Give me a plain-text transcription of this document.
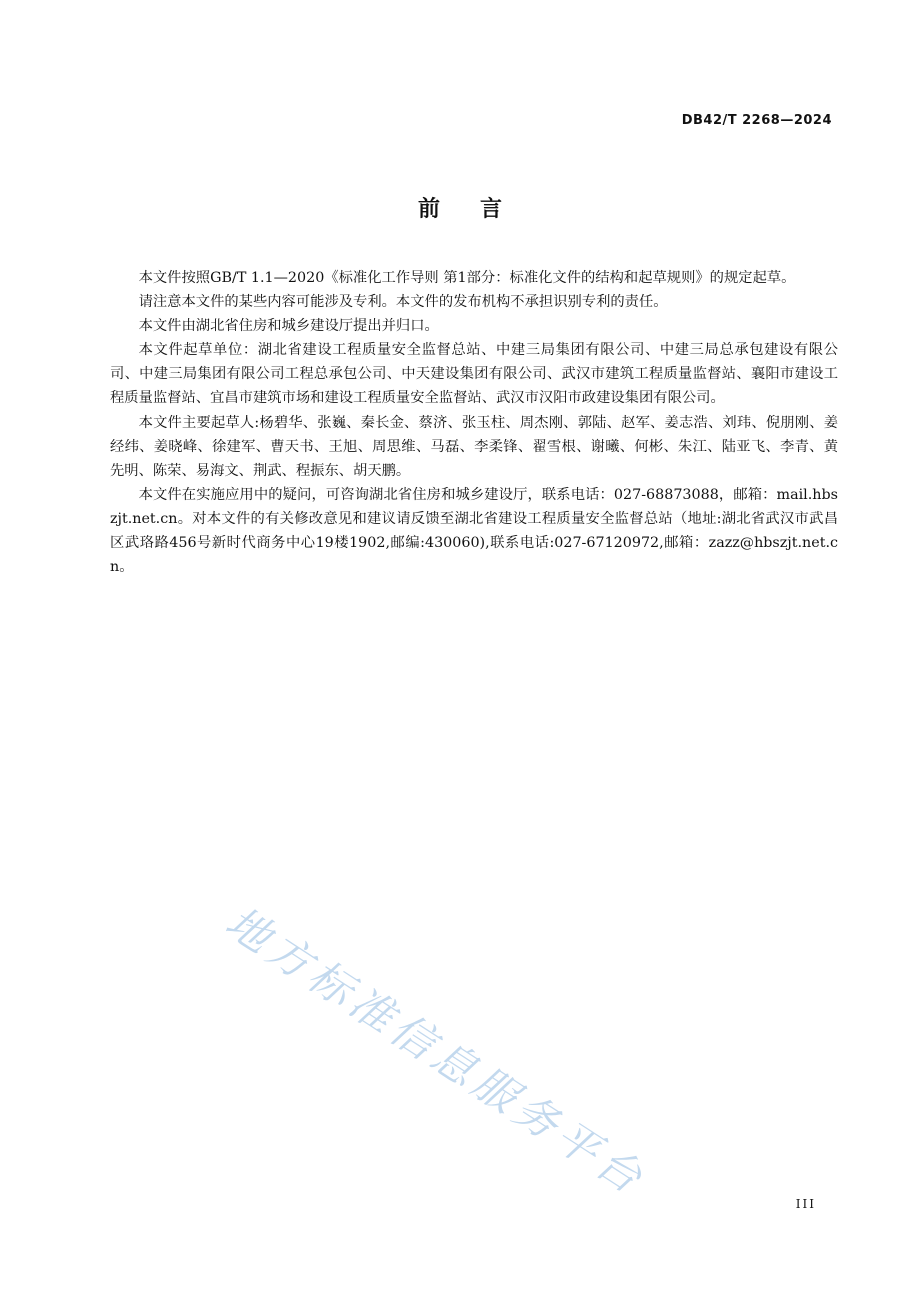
DB42/T 2268—2024
前言

本文件按照GB/T 1.1—2020《标准化工作导则 第1部分：标准化文件的结构和起草规则》的规定起草。

请注意本文件的某些内容可能涉及专利。本文件的发布机构不承担识别专利的责任。

本文件由湖北省住房和城乡建设厅提出并归口。

本文件起草单位：湖北省建设工程质量安全监督总站、中建三局集团有限公司、中建三局总承包建设有限公司、中建三局集团有限公司工程总承包公司、中天建设集团有限公司、武汉市建筑工程质量监督站、襄阳市建设工程质量监督站、宜昌市建筑市场和建设工程质量安全监督站、武汉市汉阳市政建设集团有限公司。

本文件主要起草人:杨碧华、张巍、秦长金、蔡济、张玉柱、周杰刚、郭陆、赵军、姜志浩、刘玮、倪朋刚、姜经纬、姜晓峰、徐建军、曹天书、王旭、周思维、马磊、李柔锋、翟雪根、谢曦、何彬、朱江、陆亚飞、李青、黄先明、陈荣、易海文、荆武、程振东、胡天鹏。

本文件在实施应用中的疑问，可咨询湖北省住房和城乡建设厅，联系电话：027-68873088，邮箱：mail.hbszjt.net.cn。对本文件的有关修改意见和建议请反馈至湖北省建设工程质量安全监督总站（地址:湖北省武汉市武昌区武珞路456号新时代商务中心19楼1902,邮编:430060),联系电话:027-67120972,邮箱：zazz@hbszjt.net.cn。

地方标准信息服务平台	III
